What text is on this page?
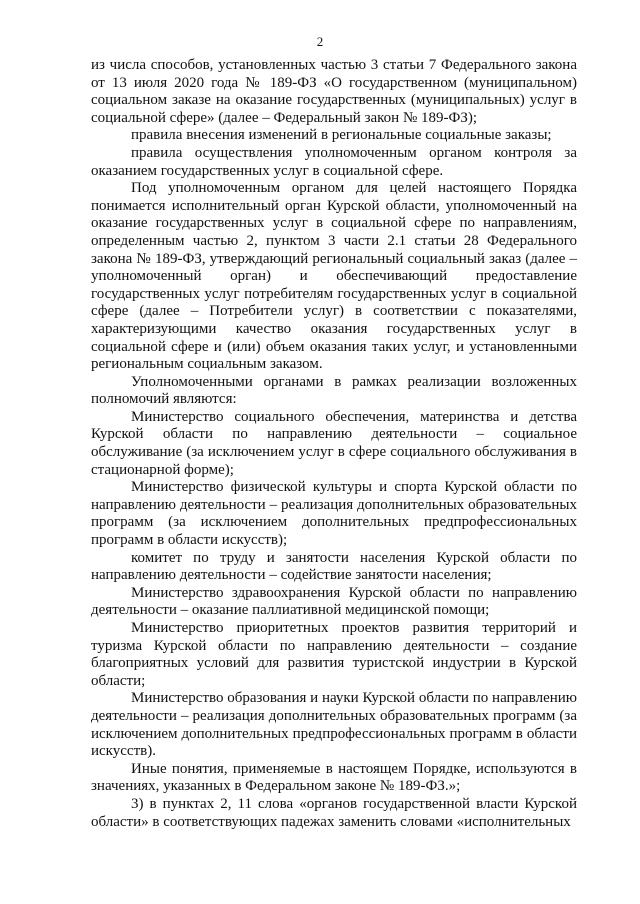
2

из числа способов, установленных частью 3 статьи 7 Федерального закона от 13 июля 2020 года № 189-ФЗ «О государственном (муниципальном) социальном заказе на оказание государственных (муниципальных) услуг в социальной сфере» (далее – Федеральный закон № 189-ФЗ);

правила внесения изменений в региональные социальные заказы;

правила осуществления уполномоченным органом контроля за оказанием государственных услуг в социальной сфере.

Под уполномоченным органом для целей настоящего Порядка понимается исполнительный орган Курской области, уполномоченный на оказание государственных услуг в социальной сфере по направлениям, определенным частью 2, пунктом 3 части 2.1 статьи 28 Федерального закона № 189-ФЗ, утверждающий региональный социальный заказ (далее – уполномоченный орган) и обеспечивающий предоставление государственных услуг потребителям государственных услуг в социальной сфере (далее – Потребители услуг) в соответствии с показателями, характеризующими качество оказания государственных услуг в социальной сфере и (или) объем оказания таких услуг, и установленными региональным социальным заказом.

Уполномоченными органами в рамках реализации возложенных полномочий являются:

Министерство социального обеспечения, материнства и детства Курской области по направлению деятельности – социальное обслуживание (за исключением услуг в сфере социального обслуживания в стационарной форме);

Министерство физической культуры и спорта Курской области по направлению деятельности – реализация дополнительных образовательных программ (за исключением дополнительных предпрофессиональных программ в области искусств);

комитет по труду и занятости населения Курской области по направлению деятельности – содействие занятости населения;

Министерство здравоохранения Курской области по направлению деятельности – оказание паллиативной медицинской помощи;

Министерство приоритетных проектов развития территорий и туризма Курской области по направлению деятельности – создание благоприятных условий для развития туристской индустрии в Курской области;

Министерство образования и науки Курской области по направлению деятельности – реализация дополнительных образовательных программ (за исключением дополнительных предпрофессиональных программ в области искусств).

Иные понятия, применяемые в настоящем Порядке, используются в значениях, указанных в Федеральном законе № 189-ФЗ.»;

3) в пунктах 2, 11 слова «органов государственной власти Курской области» в соответствующих падежах заменить словами «исполнительных
